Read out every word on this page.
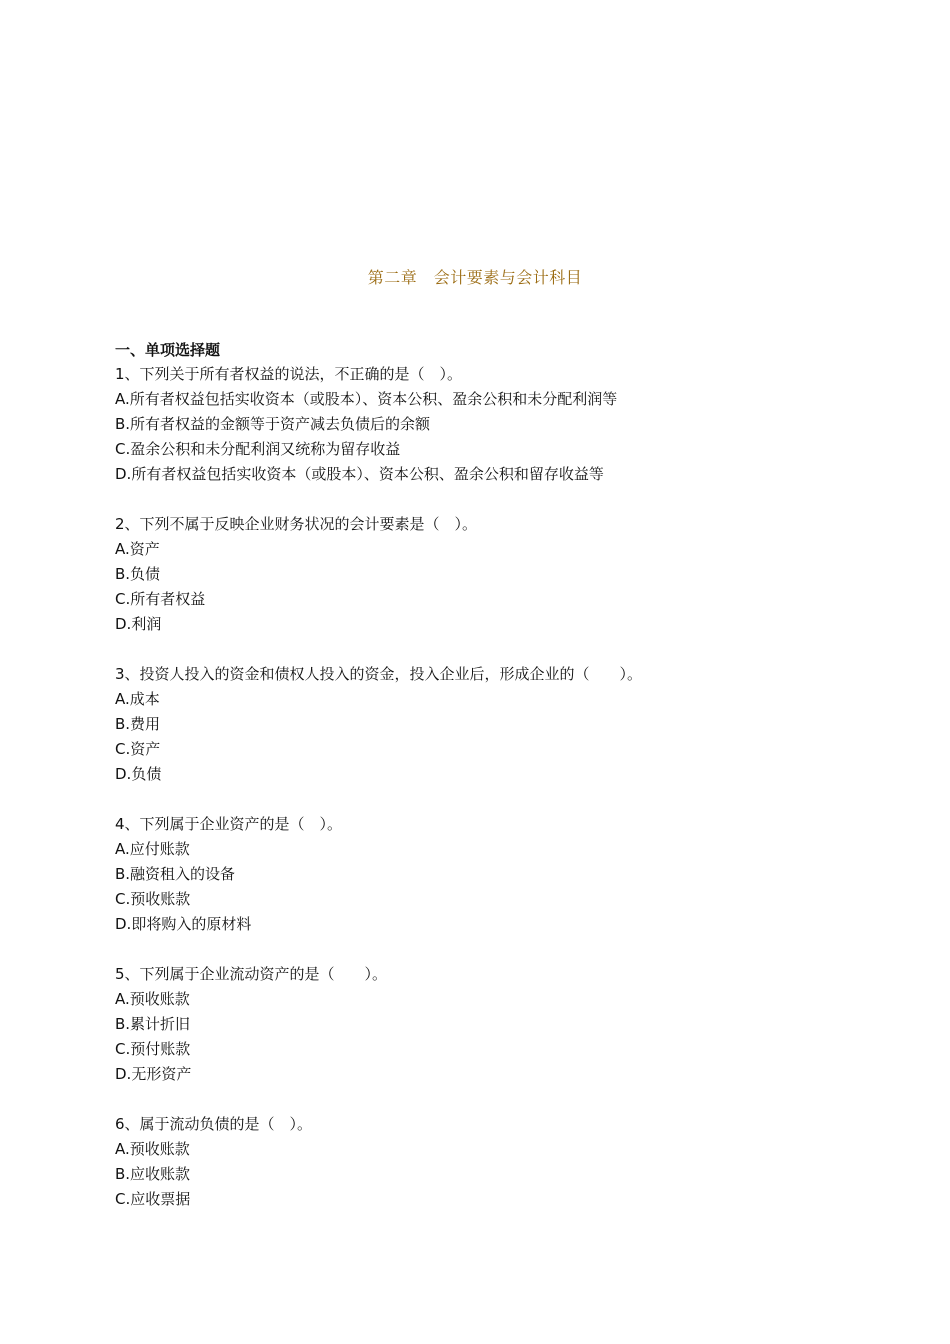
第二章　会计要素与会计科目
一、单项选择题
1、下列关于所有者权益的说法，不正确的是（　）。
A.所有者权益包括实收资本（或股本）、资本公积、盈余公积和未分配利润等
B.所有者权益的金额等于资产减去负债后的余额
C.盈余公积和未分配利润又统称为留存收益
D.所有者权益包括实收资本（或股本）、资本公积、盈余公积和留存收益等
2、下列不属于反映企业财务状况的会计要素是（　）。
A.资产
B.负债
C.所有者权益
D.利润
3、投资人投入的资金和债权人投入的资金，投入企业后，形成企业的（　　）。
A.成本
B.费用
C.资产
D.负债
4、下列属于企业资产的是（　）。
A.应付账款
B.融资租入的设备
C.预收账款
D.即将购入的原材料
5、下列属于企业流动资产的是（　　）。
A.预收账款
B.累计折旧
C.预付账款
D.无形资产
6、属于流动负债的是（　）。
A.预收账款
B.应收账款
C.应收票据
